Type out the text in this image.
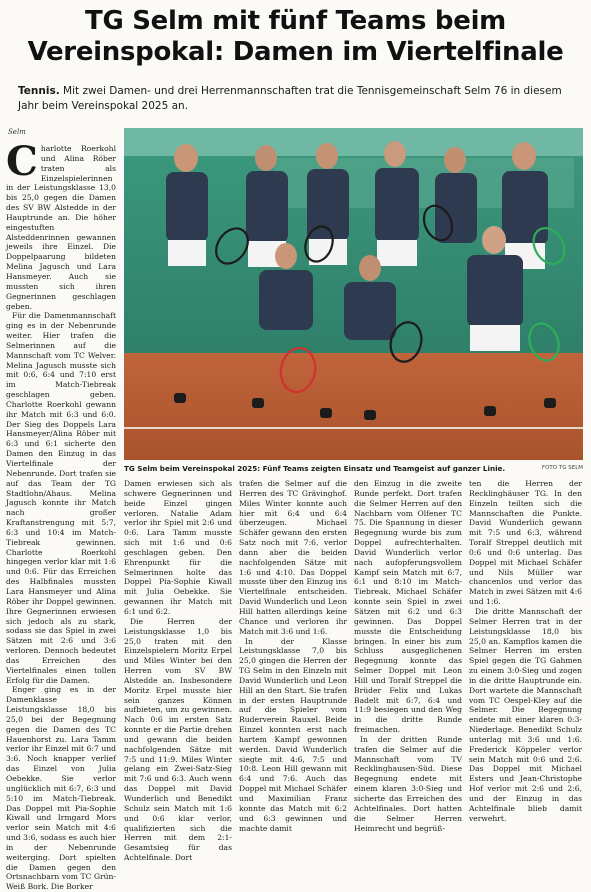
TG Selm mit fünf Teams beim Vereinspokal: Damen im Viertelfinale
Tennis. Mit zwei Damen- und drei Herrenmannschaften trat die Tennisgemeinschaft Selm 76 in diesem Jahr beim Vereinspokal 2025 an.
Selm

Charlotte Roerkohl und Alina Röber traten als Einzelspielerinnen in der Leistungsklasse 13,0 bis 25,0 gegen die Damen des SV BW Alstedde in der Hauptrunde an. Die höher eingestuften Alsteddenrinnen gewannen jeweils ihre Einzel. Die Doppelpaarung bildeten Melina Jagusch und Lara Hansmeyer. Auch sie mussten sich ihren Gegnerinnen geschlagen geben.

Für die Damenmannschaft ging es in der Nebenrunde weiter. Hier trafen die Selmerinnen auf die Mannschaft vom TC Welver. Melina Jagusch musste sich mit 0:6, 6:4 und 7:10 erst im Match-Tiebreak geschlagen geben. Charlotte Roerkohl gewann ihr Match mit 6:3 und 6:0. Der Sieg des Doppels Lara Hansmeyer/Alina Röber mit 6:3 und 6:1 sicherte den Damen den Einzug in das Viertelfinale der Nebenrunde. Dort trafen sie auf das Team der TG Stadtlohn/Ahaus. Melina Jagusch konnte ihr Match nach großer Kraftanstrengung mit 5:7, 6:3 und 10:4 im Match-Tiebreak gewinnen. Charlotte Roerkohl hingegen verlor klar mit 1:6 und 0:6. Für das Erreichen des Halbfinales mussten Lara Hansmeyer und Alina Röber ihr Doppel gewinnen. Ihre Gegnerinnen erwiesen sich jedoch als zu stark, sodass sie das Spiel in zwei Sätzen mit 2:6 und 3:6 verloren. Dennoch bedeutet das Erreichen des Viertelfinales einen tollen Erfolg für die Damen.

Enger ging es in der Damenklasse Leistungsklasse 18,0 bis 25,0 bei der Begegnung gegen die Damen des TC Hauenhorst zu. Lara Tamm verlor ihr Einzel mit 6:7 und 3:6. Noch knapper verlief das Einzel von Julia Oebekke. Sie verlor unglücklich mit 6:7, 6:3 und 5:10 im Match-Tiebreak. Das Doppel mit Pia-Sophie Kiwall und Irmgard Mors verlor sein Match mit 4:6 und 3:6, sodass es auch hier in der Nebenrunde weiterging. Dort spielten die Damen gegen den Ortsnachbarn vom TC Grün-Weiß Bork. Die Borker

TG Selm beim Vereinspokal 2025: Fünf Teams zeigten Einsatz und Teamgeist auf ganzer Linie.	FOTO TG SELM

Damen erwiesen sich als schwere Gegnerinnen und beide Einzel gingen verloren. Natalie Adam verlor ihr Spiel mit 2:6 und 0:6. Lara Tamm musste sich mit 1:6 und 0:6 geschlagen geben. Den Ehrenpunkt für die Selmerinnen holte das Doppel Pia-Sophie Kiwall mit Julia Oebekke. Sie gewannen ihr Match mit 6:1 und 6:2.

Die Herren der Leistungsklasse 1,0 bis 25,0 traten mit den Einzelspielern Moritz Erpel und Miles Winter bei den Herren vom SV BW Alstedde an. Insbesondere Moritz Erpel musste hier sein ganzes Können aufbieten, um zu gewinnen. Nach 0:6 im ersten Satz konnte er die Partie drehen und gewann die beiden nachfolgenden Sätze mit 7:5 und 11:9. Miles Winter gelang ein Zwei-Satz-Sieg mit 7:6 und 6:3. Auch wenn das Doppel mit David Wunderlich und Benedikt Schulz sein Match mit 1:6 und 0:6 klar verlor, qualifizierten sich die Herren mit dem 2:1-Gesamtsieg für das Achtelfinale. Dort

trafen die Selmer auf die Herren des TC Grävinghof. Miles Winter konnte auch hier mit 6:4 und 6:4 überzeugen. Michael Schäfer gewann den ersten Satz noch mit 7:6, verlor dann aber die beiden nachfolgenden Sätze mit 1:6 und 4:10. Das Doppel musste über den Einzug ins Viertelfinale entscheiden. David Wunderlich und Leon Hill hatten allerdings keine Chance und verloren ihr Match mit 3:6 und 1:6.

In der Klasse Leistungsklasse 7,0 bis 25,0 gingen die Herren der TG Selm in den Einzeln mit David Wunderlich und Leon Hill an den Start. Sie trafen in der ersten Hauptrunde auf die Spieler vom Ruderverein Rauxel. Beide Einzel konnten erst nach hartem Kampf gewonnen werden. David Wunderlich siegte mit 4:6, 7:5 und 10:8. Leon Hill gewann mit 6:4 und 7:6. Auch das Doppel mit Michael Schäfer und Maximilian Franz konnte das Match mit 6:2 und 6:3 gewinnen und machte damit

den Einzug in die zweite Runde perfekt. Dort trafen die Selmer Herren auf den Nachbarn vom Olfener TC 75. Die Spannung in dieser Begegnung wurde bis zum Doppel aufrechterhalten. David Wunderlich verlor nach aufopferungsvollem Kampf sein Match mit 6:7, 6:1 und 8:10 im Match-Tiebreak. Michael Schäfer konnte sein Spiel in zwei Sätzen mit 6:2 und 6:3 gewinnen. Das Doppel musste die Entscheidung bringen. In einer bis zum Schluss ausgeglichenen Begegnung konnte das Selmer Doppel mit Leon Hill und Toralf Streppel die Brüder Felix und Lukas Badelt mit 6:7, 6:4 und 11:9 besiegen und den Weg in die dritte Runde freimachen.

In der dritten Runde trafen die Selmer auf die Mannschaft vom TV Recklinghausen-Süd. Diese Begegnung endete mit einem klaren 3:0-Sieg und sicherte das Erreichen des Achtelfinales. Dort hatten die Selmer Herren Heimrecht und begrüß-

ten die Herren der Recklinghäuser TG. In den Einzeln teilten sich die Mannschaften die Punkte. David Wunderlich gewann mit 7:5 und 6:3, während Toralf Streppel deutlich mit 0:6 und 0:6 unterlag. Das Doppel mit Michael Schäfer und Nils Müller war chancenlos und verlor das Match in zwei Sätzen mit 4:6 und 1:6.

Die dritte Mannschaft der Selmer Herren trat in der Leistungsklasse 18,0 bis 25,0 an. Kampflos kamen die Selmer Herren im ersten Spiel gegen die TG Gahmen zu einem 3:0-Sieg und zogen in die dritte Hauptrunde ein. Dort wartete die Mannschaft vom TC Oespel-Kley auf die Selmer. Die Begegnung endete mit einer klaren 0:3-Niederlage. Benedikt Schulz unterlag mit 3:6 und 1:6. Frederick Köppeler verlor sein Match mit 0:6 und 2:6. Das Doppel mit Michael Esters und Jean-Christophe Hof verlor mit 2:6 und 2:6, und der Einzug in das Achtelfinale blieb damit verwehrt.
